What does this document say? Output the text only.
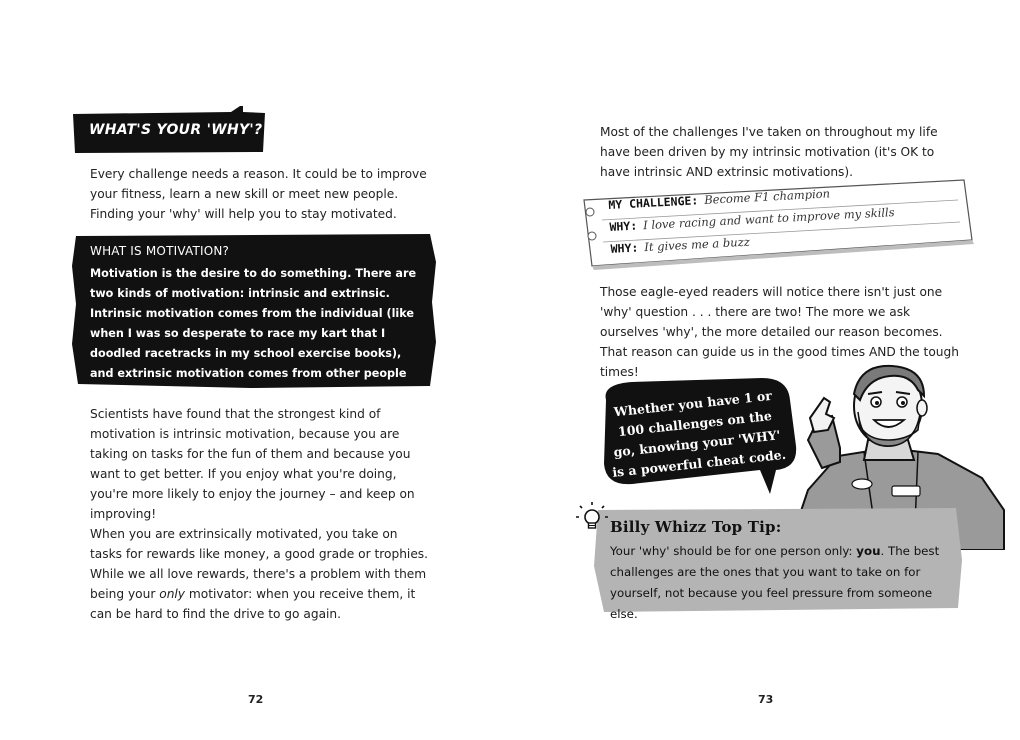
WHAT'S YOUR 'WHY'?

Every challenge needs a reason. It could be to improve your fitness, learn a new skill or meet new people. Finding your 'why' will help you to stay motivated.

WHAT IS MOTIVATION?
Motivation is the desire to do something. There are two kinds of motivation: intrinsic and extrinsic. Intrinsic motivation comes from the individual (like when I was so desperate to race my kart that I doodled racetracks in my school exercise books), and extrinsic motivation comes from other people (like your coach praising you, or a big shiny trophy).

Scientists have found that the strongest kind of motivation is intrinsic motivation, because you are taking on tasks for the fun of them and because you want to get better. If you enjoy what you're doing, you're more likely to enjoy the journey – and keep on improving!

When you are extrinsically motivated, you take on tasks for rewards like money, a good grade or trophies. While we all love rewards, there's a problem with them being your only motivator: when you receive them, it can be hard to find the drive to go again.

72

Most of the challenges I've taken on throughout my life have been driven by my intrinsic motivation (it's OK to have intrinsic AND extrinsic motivations).

MY CHALLENGE: Become F1 champion
WHY: I love racing and want to improve my skills
WHY: It gives me a buzz

Those eagle-eyed readers will notice there isn't just one 'why' question . . . there are two! The more we ask ourselves 'why', the more detailed our reason becomes. That reason can guide us in the good times AND the tough times!

Whether you have 1 or 100 challenges on the go, knowing your 'WHY' is a powerful cheat code.
Billy Whizz Top Tip:

Your 'why' should be for one person only: you. The best challenges are the ones that you want to take on for yourself, not because you feel pressure from someone else.

73
